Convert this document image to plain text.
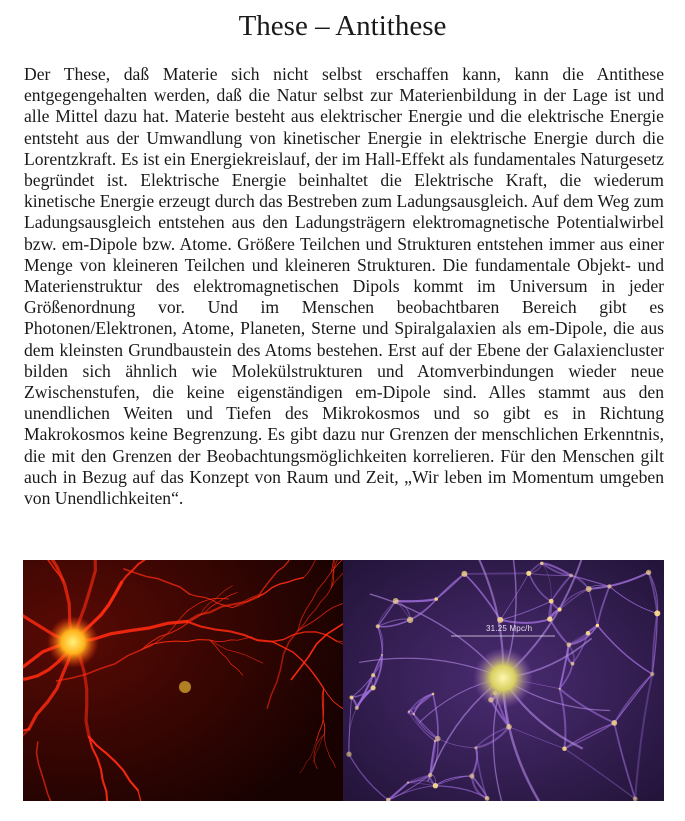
These – Antithese

Der These, daß Materie sich nicht selbst erschaffen kann, kann die Antithese entgegengehalten werden, daß die Natur selbst zur Materienbildung in der Lage ist und alle Mittel dazu hat. Materie besteht aus elektrischer Energie und die elektrische Energie entsteht aus der Umwandlung von kinetischer Energie in elektrische Energie durch die Lorentzkraft. Es ist ein Energiekreislauf, der im Hall-Effekt als fundamentales Naturgesetz begründet ist. Elektrische Energie beinhaltet die Elektrische Kraft, die wiederum kinetische Energie erzeugt durch das Bestreben zum Ladungsausgleich. Auf dem Weg zum Ladungsausgleich entstehen aus den Ladungsträgern elektromagnetische Potentialwirbel bzw. em-Dipole bzw. Atome. Größere Teilchen und Strukturen entstehen immer aus einer Menge von kleineren Teilchen und kleineren Strukturen. Die fundamentale Objekt- und Materienstruktur des elektromagnetischen Dipols kommt im Universum in jeder Größenordnung vor. Und im Menschen beobachtbaren Bereich gibt es Photonen/Elektronen, Atome, Planeten, Sterne und Spiralgalaxien als em-Dipole, die aus dem kleinsten Grundbaustein des Atoms bestehen. Erst auf der Ebene der Galaxiencluster bilden sich ähnlich wie Molekülstrukturen und Atomverbindungen wieder neue Zwischenstufen, die keine eigenständigen em-Dipole sind. Alles stammt aus den unendlichen Weiten und Tiefen des Mikrokosmos und so gibt es in Richtung Makrokosmos keine Begrenzung. Es gibt dazu nur Grenzen der menschlichen Erkenntnis, die mit den Grenzen der Beobachtungsmöglichkeiten korrelieren. Für den Menschen gilt auch in Bezug auf das Konzept von Raum und Zeit, „Wir leben im Momentum umgeben von Unendlichkeiten“.

31.25 Mpc/h
